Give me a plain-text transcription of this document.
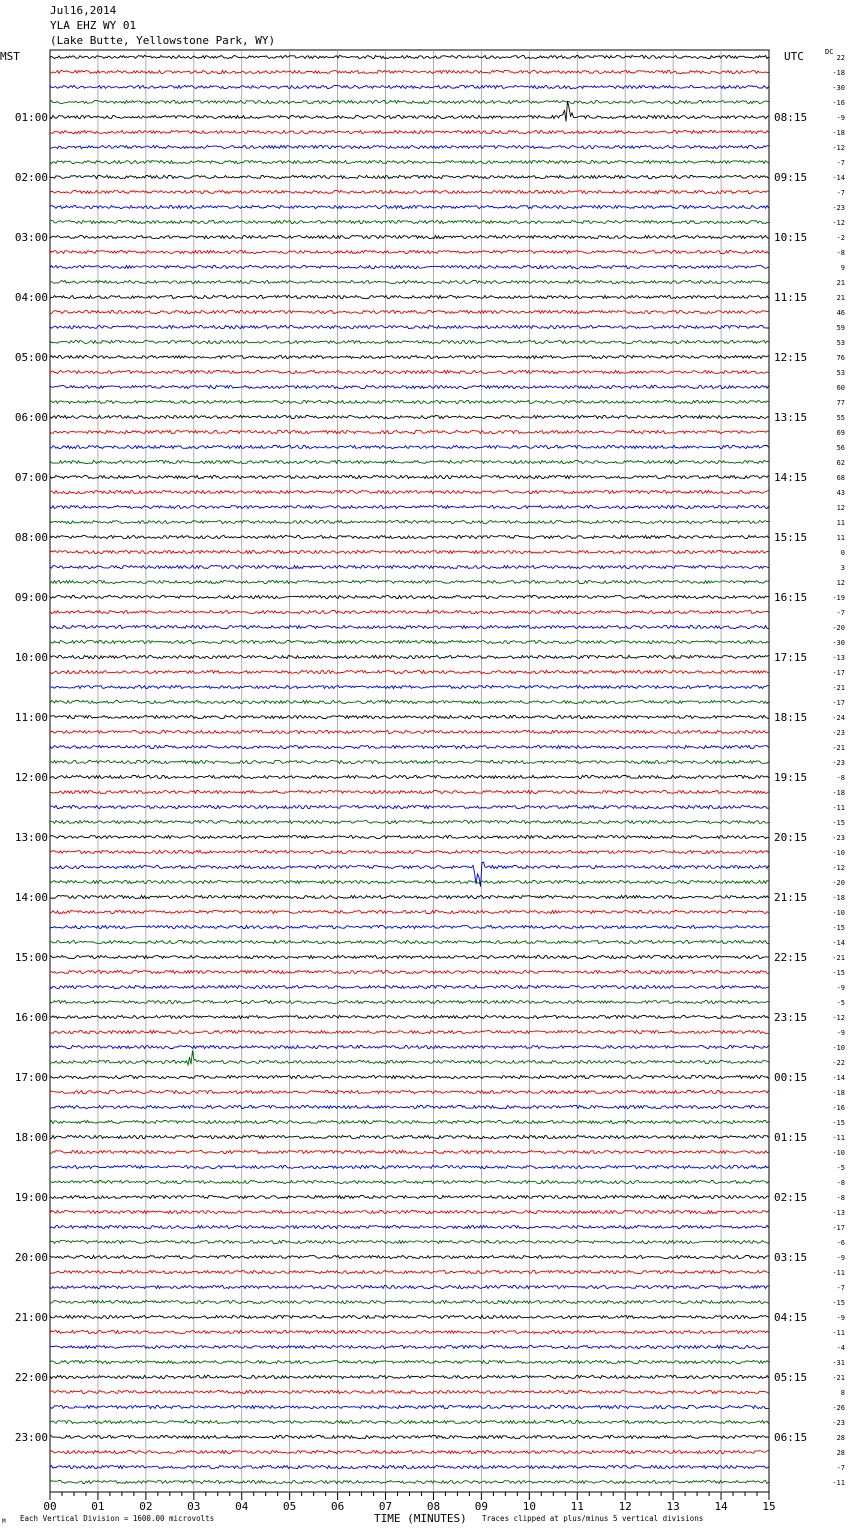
Jul16,2014
YLA EHZ WY 01
(Lake Butte, Yellowstone Park, WY)
MST	UTC	DC
22
-18
-30
-16
-9
-18
-12
-7
-14
-7
-23
-12
-2
-8
9
21
21
46
59
53
76
53
60
77
55
69
56
62
68
43
12
11
11
0
3
12
-19
-7
-20
-30
-13
-17
-21
-17
-24
-23
-21
-23
-8
-18
-11
-15
-23
-10
-12
-20
-18
-10
-15
-14
-21
-15
-9
-5
-12
-9
-10
-22
-14
-18
-16
-15
-11
-10
-5
-8
-8
-13
-17
-6
-9
-11
-7
-15
-9
-11
-4
-31
-21
8
-26
-23
28
28
-7
-11
01:00	08:15
02:00	09:15
03:00	10:15
04:00	11:15
05:00	12:15
06:00	13:15
07:00	14:15
08:00	15:15
09:00	16:15
10:00	17:15
11:00	18:15
12:00	19:15
13:00	20:15
14:00	21:15
15:00	22:15
16:00	23:15
17:00	00:15
18:00	01:15
19:00	02:15
20:00	03:15
21:00	04:15
22:00	05:15
23:00	06:15
00	01	02	03	04	05	06	07	08	09	10	11	12	13	14	15
Each Vertical Division = 1600.00 microvolts	TIME (MINUTES) Traces clipped at plus/minus 5 vertical divisions
M
